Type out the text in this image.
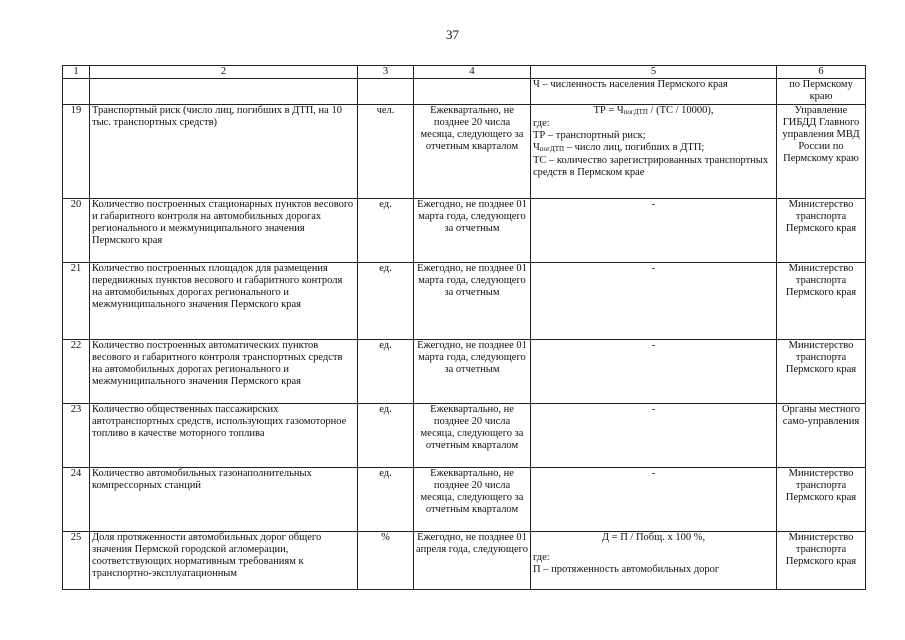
37
1	2	3	4	5	6
				Ч – численность населения Пермского края	по Пермскому краю
19	Транспортный риск (число лиц, погибших в ДТП, на 10 тыс. транспортных средств)	чел.	Ежеквартально, не позднее 20 числа месяца, следующего за отчетным кварталом	ТР = ЧпогДТП / (ТС / 10000),
где:
ТР – транспортный риск;
ЧпогДТП – число лиц, погибших в ДТП;
ТС – количество зарегистрированных транспортных средств в Пермском крае	Управление ГИБДД Главного управления МВД России по Пермскому краю
20	Количество построенных стационарных пунктов весового и габаритного контроля на автомобильных дорогах регионального и межмуниципального значения Пермского края	ед.	Ежегодно, не позднее 01 марта года, следующего за отчетным	-	Министерство транспорта Пермского края
21	Количество построенных площадок для размещения передвижных пунктов весового и габаритного контроля на автомобильных дорогах регионального и межмуниципального значения Пермского края	ед.	Ежегодно, не позднее 01 марта года, следующего за отчетным	-	Министерство транспорта Пермского края
22	Количество построенных автоматических пунктов весового и габаритного контроля транспортных средств на автомобильных дорогах регионального и межмуниципального значения Пермского края	ед.	Ежегодно, не позднее 01 марта года, следующего за отчетным	-	Министерство транспорта Пермского края
23	Количество общественных пассажирских автотранспортных средств, использующих газомоторное топливо в качестве моторного топлива	ед.	Ежеквартально, не позднее 20 числа месяца, следующего за отчетным кварталом	-	Органы местного само-управления
24	Количество автомобильных газонаполнительных компрессорных станций	ед.	Ежеквартально, не позднее 20 числа месяца, следующего за отчетным кварталом	-	Министерство транспорта Пермского края
25	Доля протяженности автомобильных дорог общего значения Пермской городской агломерации, соответствующих нормативным требованиям к транспортно-эксплуатационным	%	Ежегодно, не позднее 01 апреля года, следующего	Д = П / Побщ. х 100 %,
где:
П – протяженность автомобильных дорог	Министерство транспорта Пермского края
